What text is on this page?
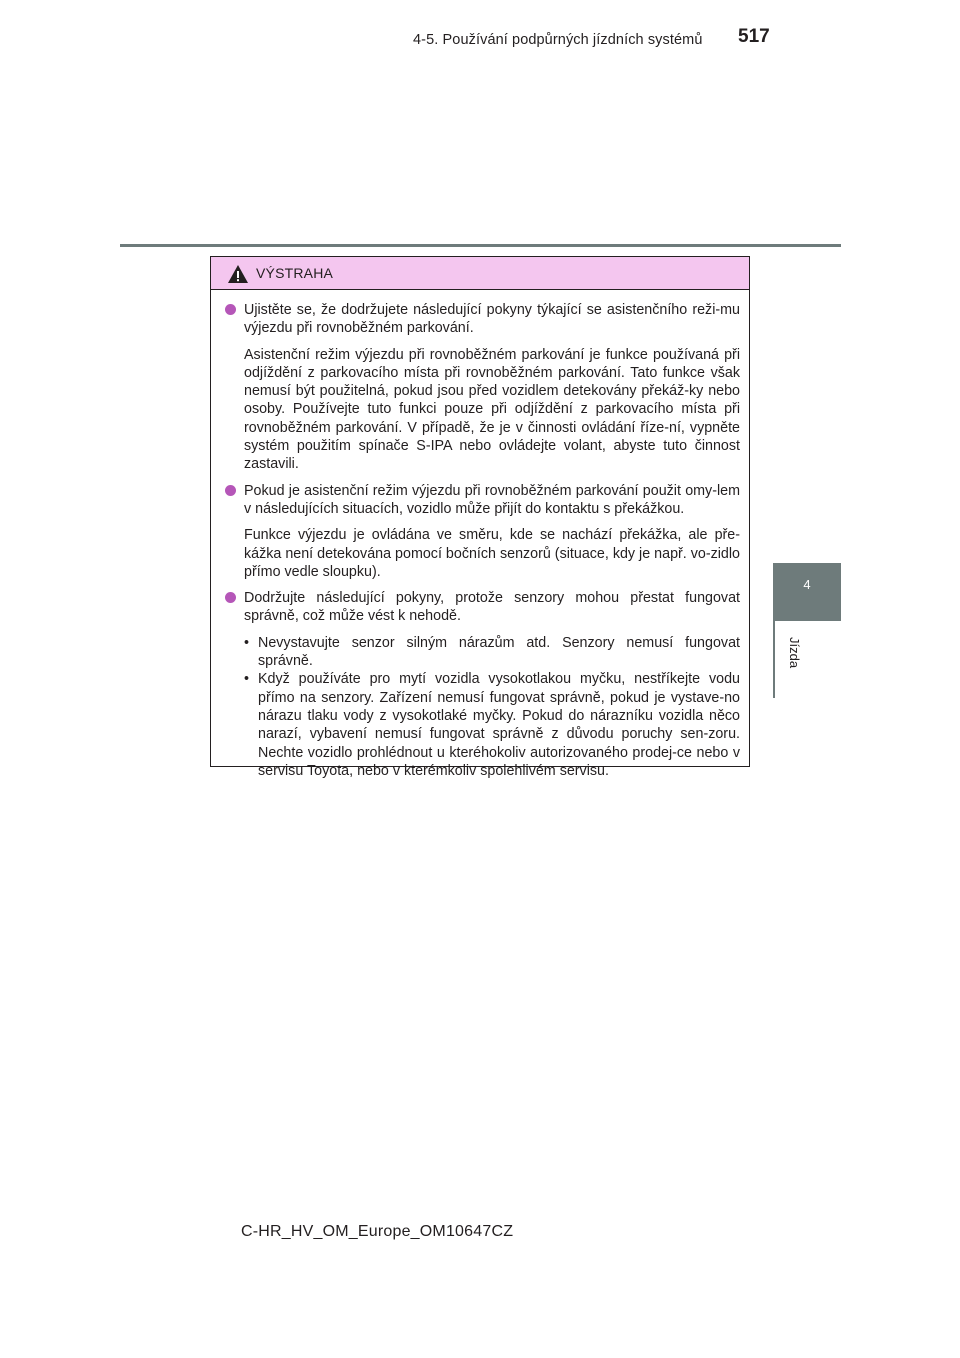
4-5. Používání podpůrných jízdních systémů 517
4
Jízda
VÝSTRAHA
Ujistěte se, že dodržujete následující pokyny týkající se asistenčního reži-mu výjezdu při rovnoběžném parkování.
Asistenční režim výjezdu při rovnoběžném parkování je funkce používaná při odjíždění z parkovacího místa při rovnoběžném parkování. Tato funkce však nemusí být použitelná, pokud jsou před vozidlem detekovány překáž-ky nebo osoby. Používejte tuto funkci pouze při odjíždění z parkovacího místa při rovnoběžném parkování. V případě, že je v činnosti ovládání říze-ní, vypněte systém použitím spínače S-IPA nebo ovládejte volant, abyste tuto činnost zastavili.
Pokud je asistenční režim výjezdu při rovnoběžném parkování použit omy-lem v následujících situacích, vozidlo může přijít do kontaktu s překážkou.
Funkce výjezdu je ovládána ve směru, kde se nachází překážka, ale pře-kážka není detekována pomocí bočních senzorů (situace, kdy je např. vo-zidlo přímo vedle sloupku).
Dodržujte následující pokyny, protože senzory mohou přestat fungovat správně, což může vést k nehodě.
• Nevystavujte senzor silným nárazům atd. Senzory nemusí fungovat správně.
• Když používáte pro mytí vozidla vysokotlakou myčku, nestříkejte vodu přímo na senzory. Zařízení nemusí fungovat správně, pokud je vystave-no nárazu tlaku vody z vysokotlaké myčky. Pokud do nárazníku vozidla něco narazí, vybavení nemusí fungovat správně z důvodu poruchy sen-zoru. Nechte vozidlo prohlédnout u kteréhokoliv autorizovaného prodej-ce nebo v servisu Toyota, nebo v kterémkoliv spolehlivém servisu.
C-HR_HV_OM_Europe_OM10647CZ
